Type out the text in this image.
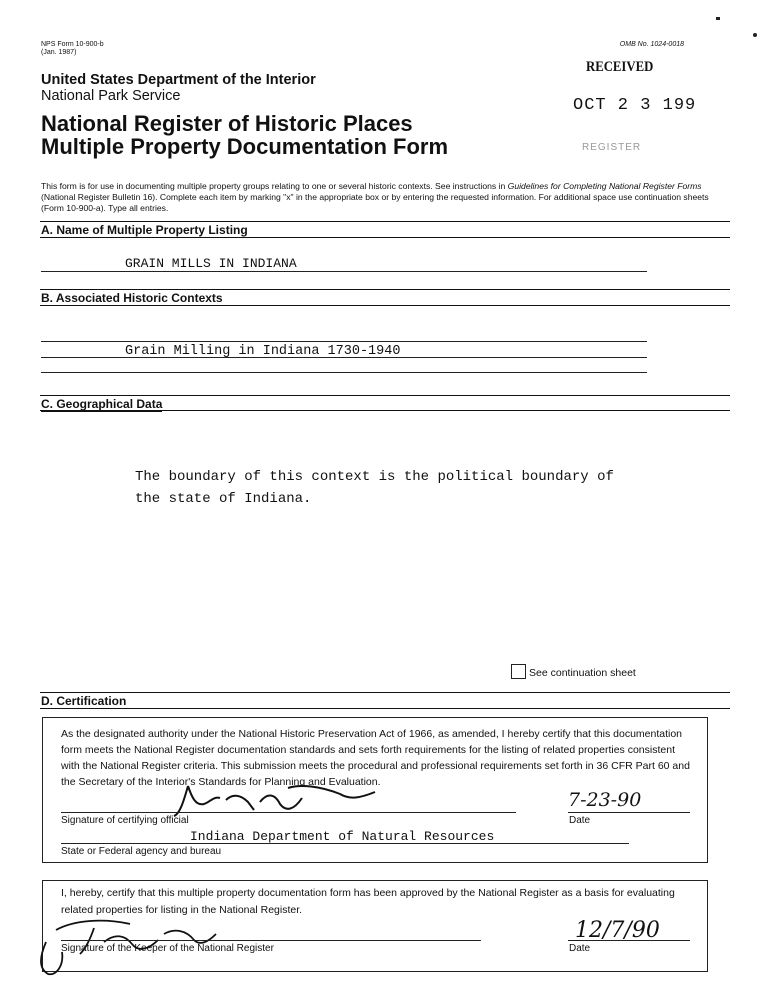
NPS Form 10-900-b
(Jan. 1987)
OMB No. 1024-0018
United States Department of the Interior
National Park Service
National Register of Historic Places
Multiple Property Documentation Form
RECEIVED
OCT 2 3 199
REGISTER
This form is for use in documenting multiple property groups relating to one or several historic contexts. See instructions in Guidelines for Completing National Register Forms (National Register Bulletin 16). Complete each item by marking "x" in the appropriate box or by entering the requested information. For additional space use continuation sheets (Form 10-900-a). Type all entries.
A. Name of Multiple Property Listing
GRAIN MILLS IN INDIANA
B. Associated Historic Contexts
Grain Milling in Indiana 1730-1940
C. Geographical Data
The boundary of this context is the political boundary of
the state of Indiana.
See continuation sheet
D. Certification
As the designated authority under the National Historic Preservation Act of 1966, as amended, I hereby certify that this documentation form meets the National Register documentation standards and sets forth requirements for the listing of related properties consistent with the National Register criteria. This submission meets the procedural and professional requirements set forth in 36 CFR Part 60 and the Secretary of the Interior's Standards for Planning and Evaluation.
Signature of certifying official
7-23-90
Date
Indiana Department of Natural Resources
State or Federal agency and bureau
I, hereby, certify that this multiple property documentation form has been approved by the National Register as a basis for evaluating related properties for listing in the National Register.
Signature of the Keeper of the National Register
12/7/90
Date
